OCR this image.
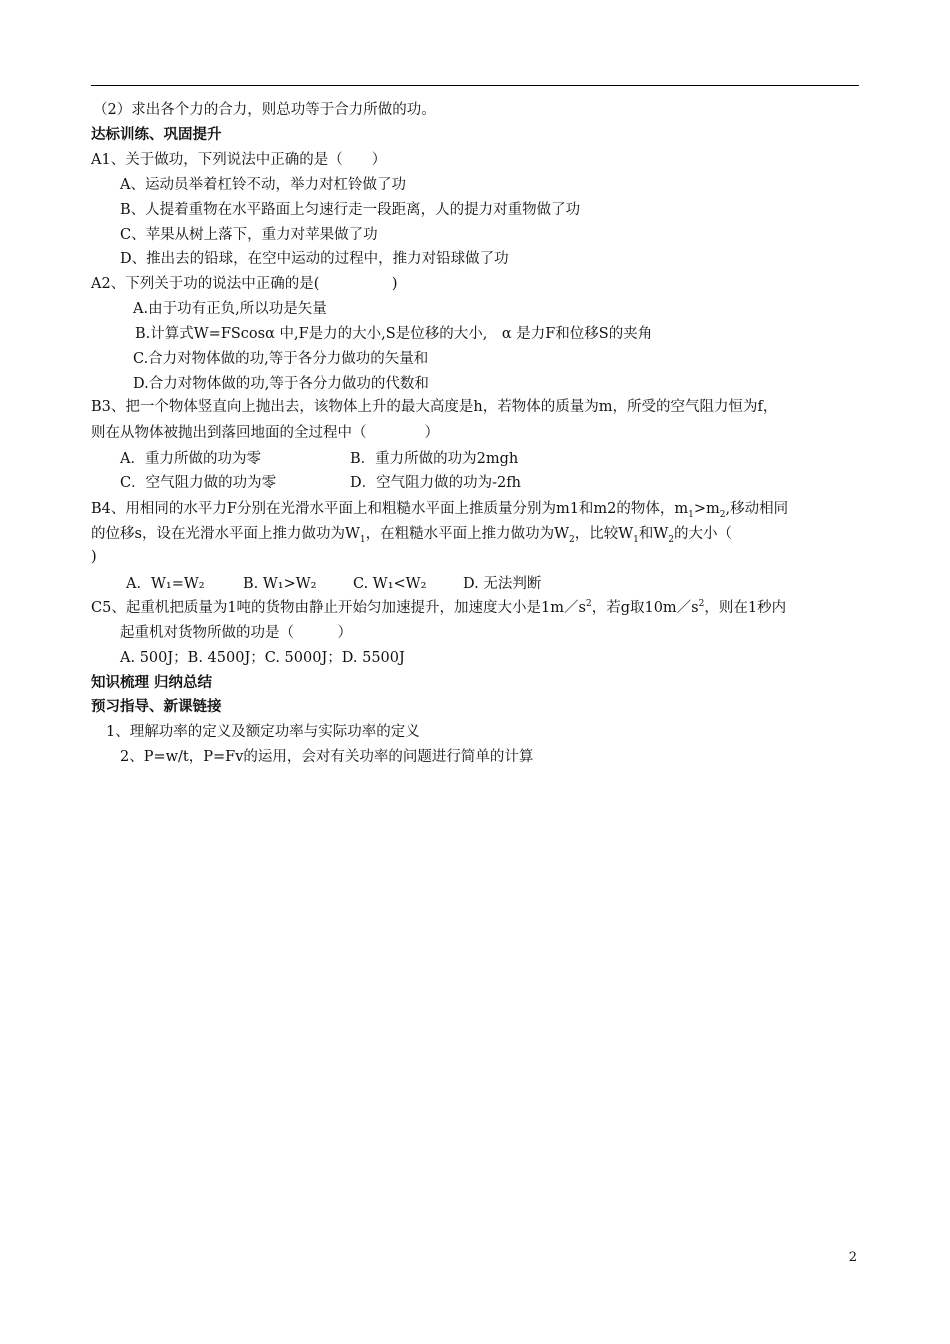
（2）求出各个力的合力，则总功等于合力所做的功。
达标训练、巩固提升
A1、关于做功，下列说法中正确的是（　　）
A、运动员举着杠铃不动，举力对杠铃做了功
B、人提着重物在水平路面上匀速行走一段距离，人的提力对重物做了功
C、苹果从树上落下，重力对苹果做了功
D、推出去的铅球，在空中运动的过程中，推力对铅球做了功
A2、下列关于功的说法中正确的是(　　　　　)
A.由于功有正负,所以功是矢量
B.计算式W=FScosα 中,F是力的大小,S是位移的大小,　α 是力F和位移S的夹角
C.合力对物体做的功,等于各分力做功的矢量和
D.合力对物体做的功,等于各分力做功的代数和
B3、把一个物体竖直向上抛出去，该物体上升的最大高度是h，若物体的质量为m，所受的空气阻力恒为f，
则在从物体被抛出到落回地面的全过程中（　　　　）
A．重力所做的功为零	B．重力所做的功为2mgh
C．空气阻力做的功为零	D．空气阻力做的功为-2fh
B4、用相同的水平力F分别在光滑水平面上和粗糙水平面上推质量分别为m1和m2的物体，$m_1>m_2$,移动相同
的位移s，设在光滑水平面上推力做功为$W_1$，在粗糙水平面上推力做功为$W_2$，比较$W_1$和$W_2$的大小（
)
A．W₁=W₂	B. W₁>W₂	C. W₁<W₂	D. 无法判断
C5、起重机把质量为1吨的货物由静止开始匀加速提升，加速度大小是$1m/s^2$，若g取$10m/s^2$，则在1秒内
起重机对货物所做的功是（　　　）
A. 500J；B. 4500J；C. 5000J；D. 5500J
知识梳理 归纳总结
预习指导、新课链接
1、理解功率的定义及额定功率与实际功率的定义
2、P=w/t，P=Fv的运用，会对有关功率的问题进行简单的计算
2
